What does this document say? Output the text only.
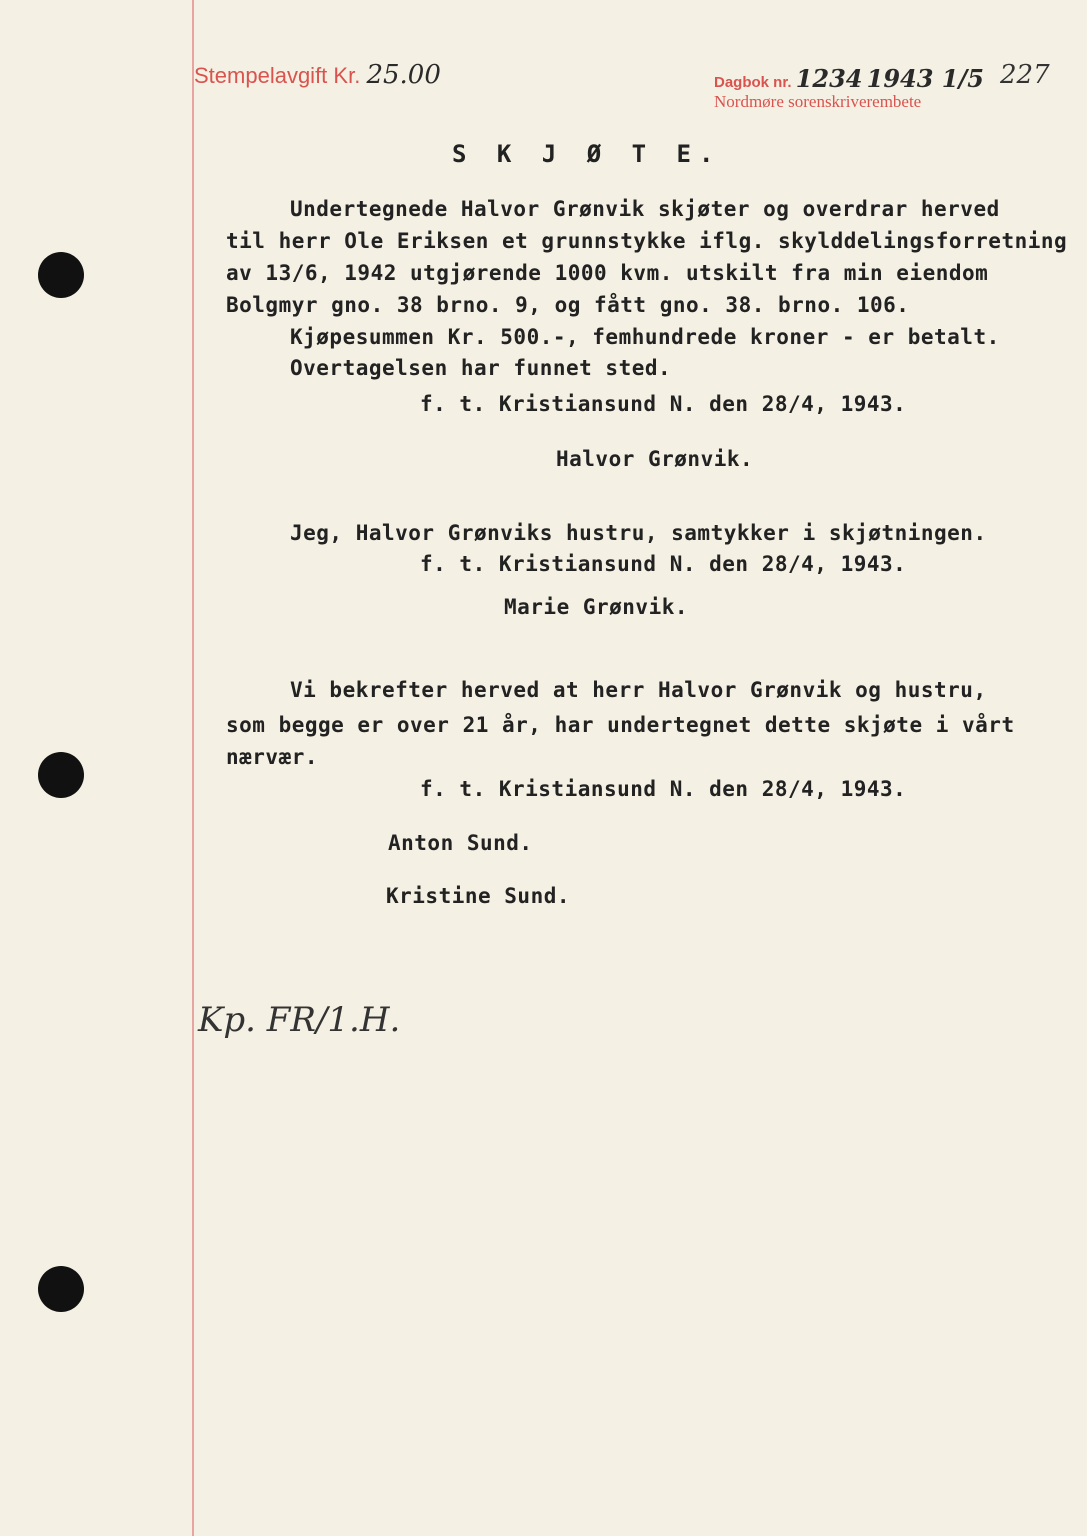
Stempelavgift Kr. 25.00	Dagbok nr. 1234 1943 1/5
Nordmøre sorenskriverembete
227
S K J Ø T E.
Undertegnede Halvor Grønvik skjøter og overdrar herved
til herr Ole Eriksen et grunnstykke iflg. skylddelingsforretning
av 13/6, 1942 utgjørende 1000 kvm. utskilt fra min eiendom
Bolgmyr gno. 38 brno. 9, og fått gno. 38. brno. 106.
Kjøpesummen Kr. 500.-, femhundrede kroner - er betalt.
Overtagelsen har funnet sted.
f. t. Kristiansund N. den 28/4, 1943.
Halvor Grønvik.
Jeg, Halvor Grønviks hustru, samtykker i skjøtningen.
f. t. Kristiansund N. den 28/4, 1943.
Marie Grønvik.
Vi bekrefter herved at herr Halvor Grønvik og hustru,
som begge er over 21 år, har undertegnet dette skjøte i vårt
nærvær.
f. t. Kristiansund N. den 28/4, 1943.
Anton Sund.
Kristine Sund.
Kp. FR/1.H.
